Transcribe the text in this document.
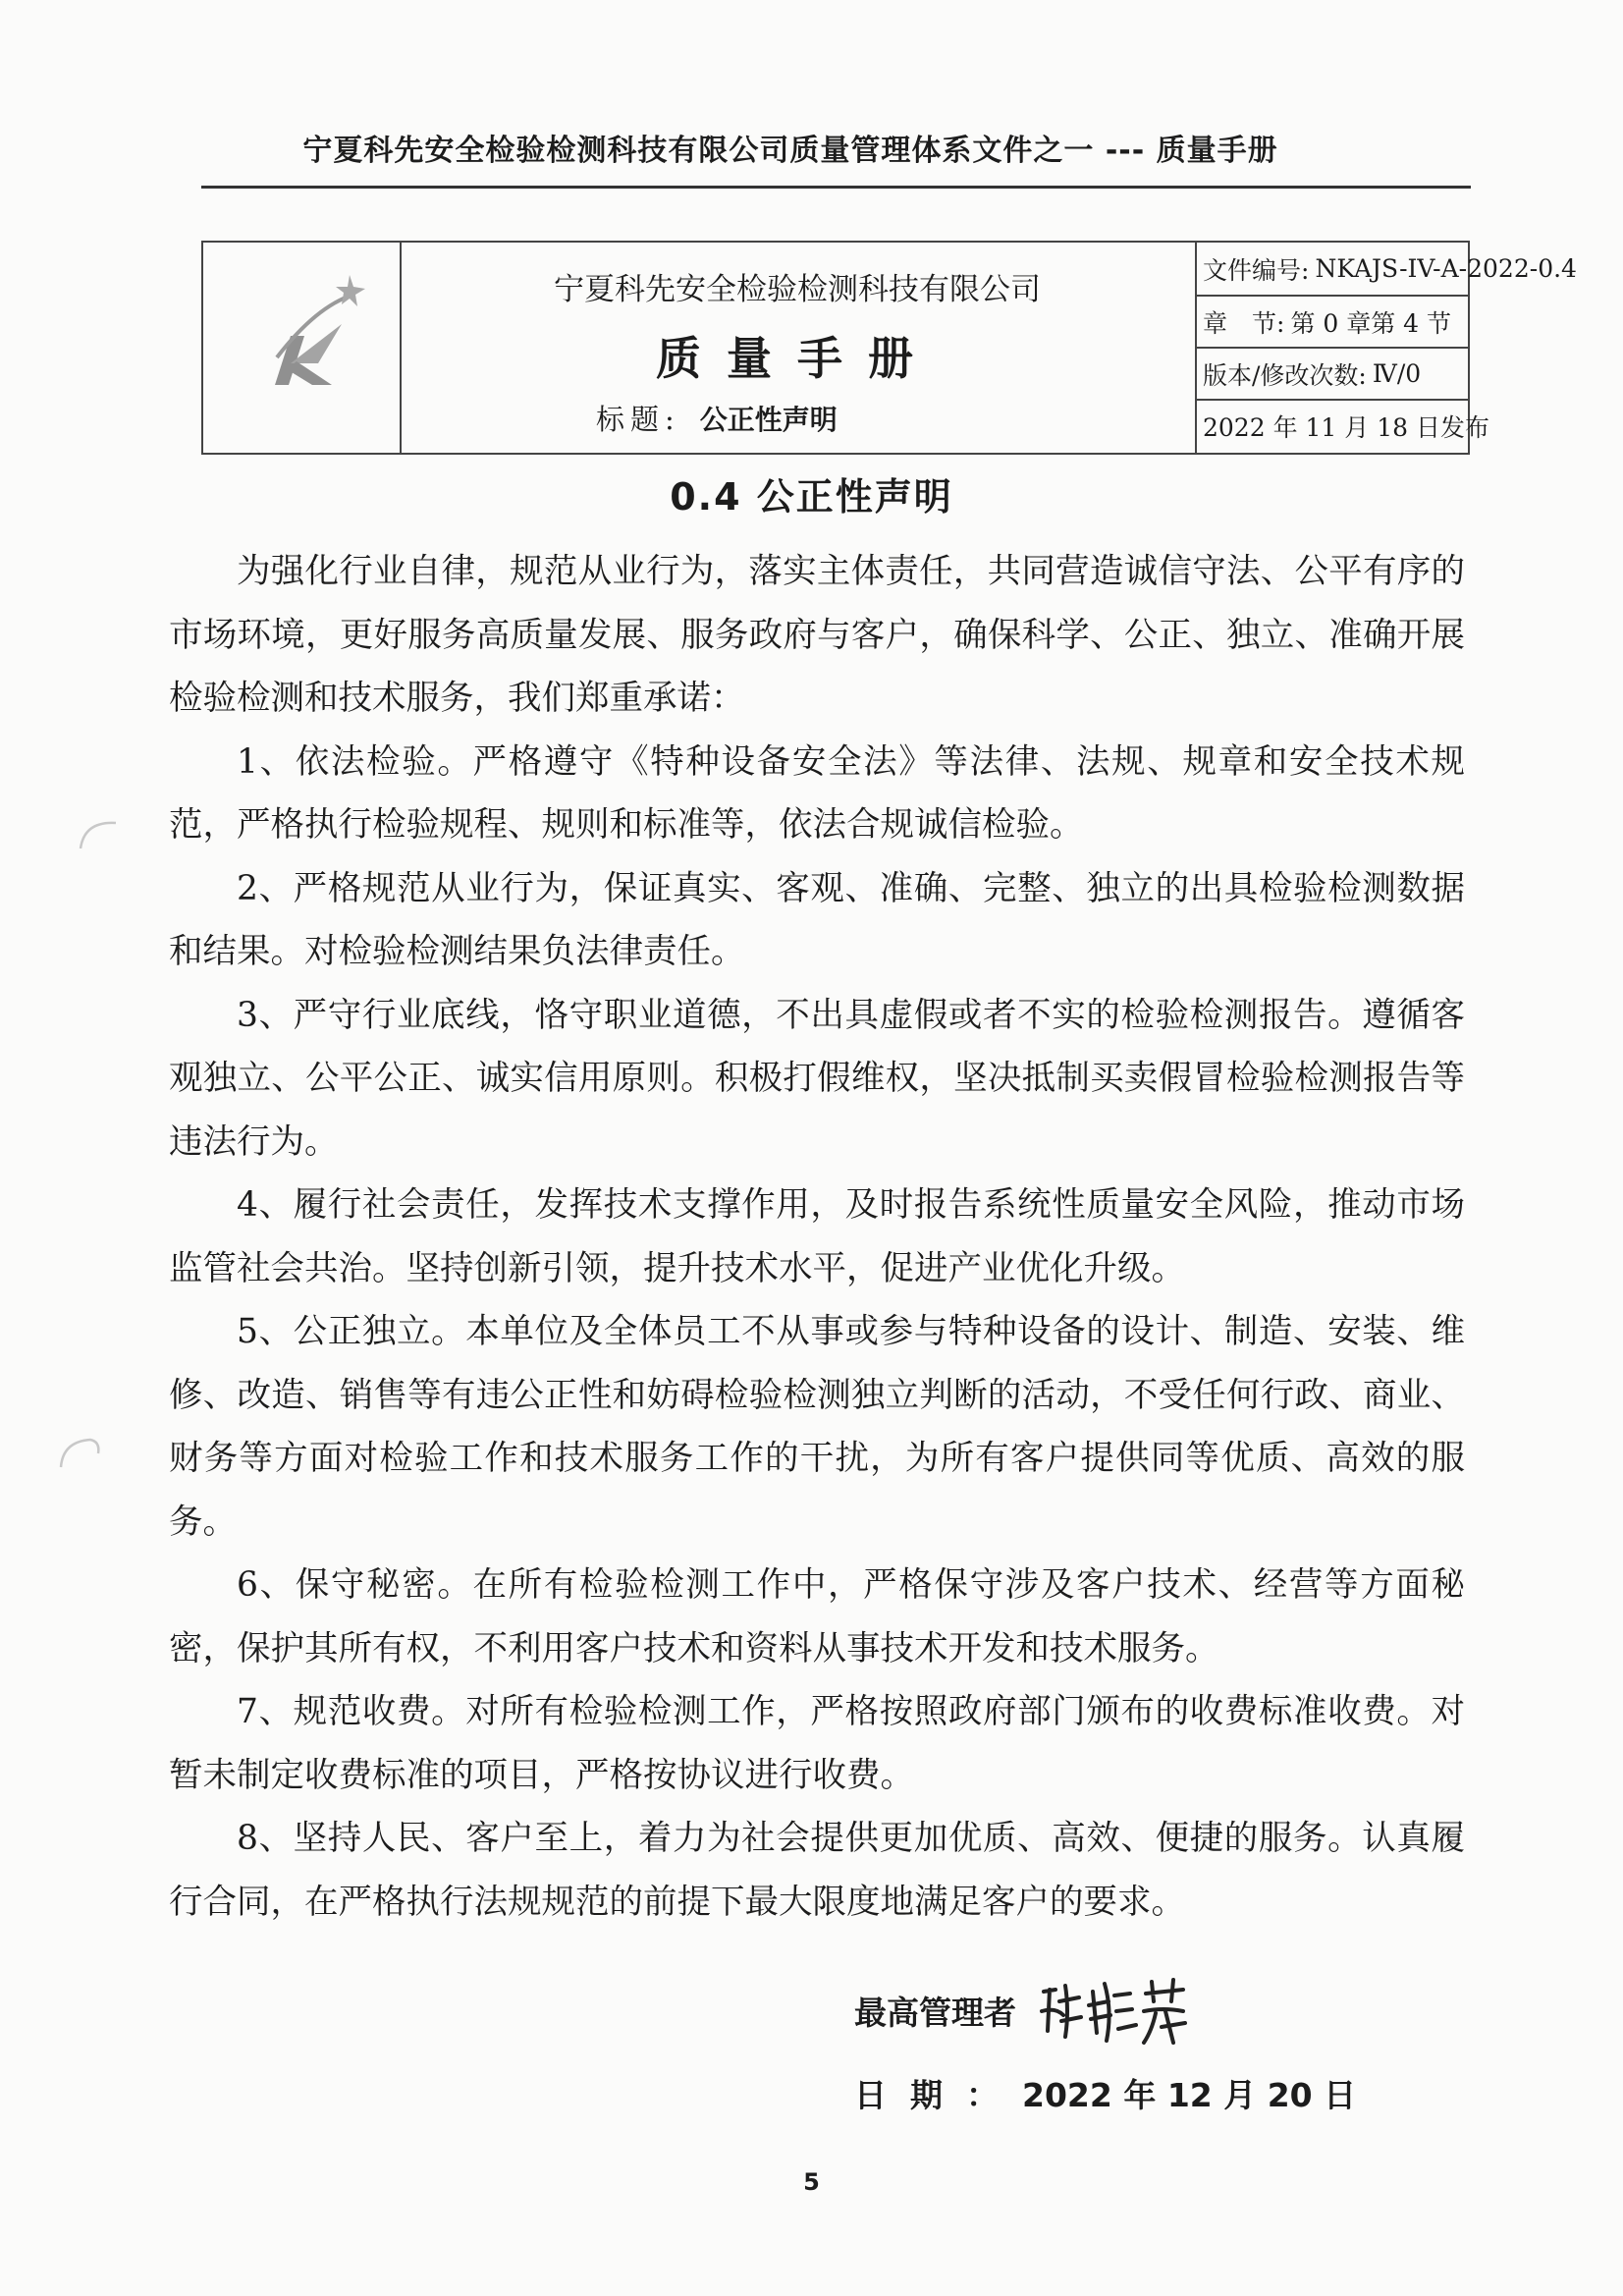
宁夏科先安全检验检测科技有限公司质量管理体系文件之一 --- 质量手册
宁夏科先安全检验检测科技有限公司
质量手册
标题: 公正性声明
文件编号: NKAJS-IV-A-2022-0.4
章　节: 第 0 章第 4 节
版本/修改次数: Ⅳ/0
2022 年 11 月 18 日发布
0.4 公正性声明

为强化行业自律，规范从业行为，落实主体责任，共同营造诚信守法、公平有序的市场环境，更好服务高质量发展、服务政府与客户，确保科学、公正、独立、准确开展检验检测和技术服务，我们郑重承诺：

1、依法检验。严格遵守《特种设备安全法》等法律、法规、规章和安全技术规范，严格执行检验规程、规则和标准等，依法合规诚信检验。

2、严格规范从业行为，保证真实、客观、准确、完整、独立的出具检验检测数据和结果。对检验检测结果负法律责任。

3、严守行业底线，恪守职业道德，不出具虚假或者不实的检验检测报告。遵循客观独立、公平公正、诚实信用原则。积极打假维权，坚决抵制买卖假冒检验检测报告等违法行为。

4、履行社会责任，发挥技术支撑作用，及时报告系统性质量安全风险，推动市场监管社会共治。坚持创新引领，提升技术水平，促进产业优化升级。

5、公正独立。本单位及全体员工不从事或参与特种设备的设计、制造、安装、维修、改造、销售等有违公正性和妨碍检验检测独立判断的活动，不受任何行政、商业、财务等方面对检验工作和技术服务工作的干扰，为所有客户提供同等优质、高效的服务。

6、保守秘密。在所有检验检测工作中，严格保守涉及客户技术、经营等方面秘密，保护其所有权，不利用客户技术和资料从事技术开发和技术服务。

7、规范收费。对所有检验检测工作，严格按照政府部门颁布的收费标准收费。对暂未制定收费标准的项目，严格按协议进行收费。

8、坚持人民、客户至上，着力为社会提供更加优质、高效、便捷的服务。认真履行合同，在严格执行法规规范的前提下最大限度地满足客户的要求。

最高管理者
日期：2022 年 12 月 20 日
5
